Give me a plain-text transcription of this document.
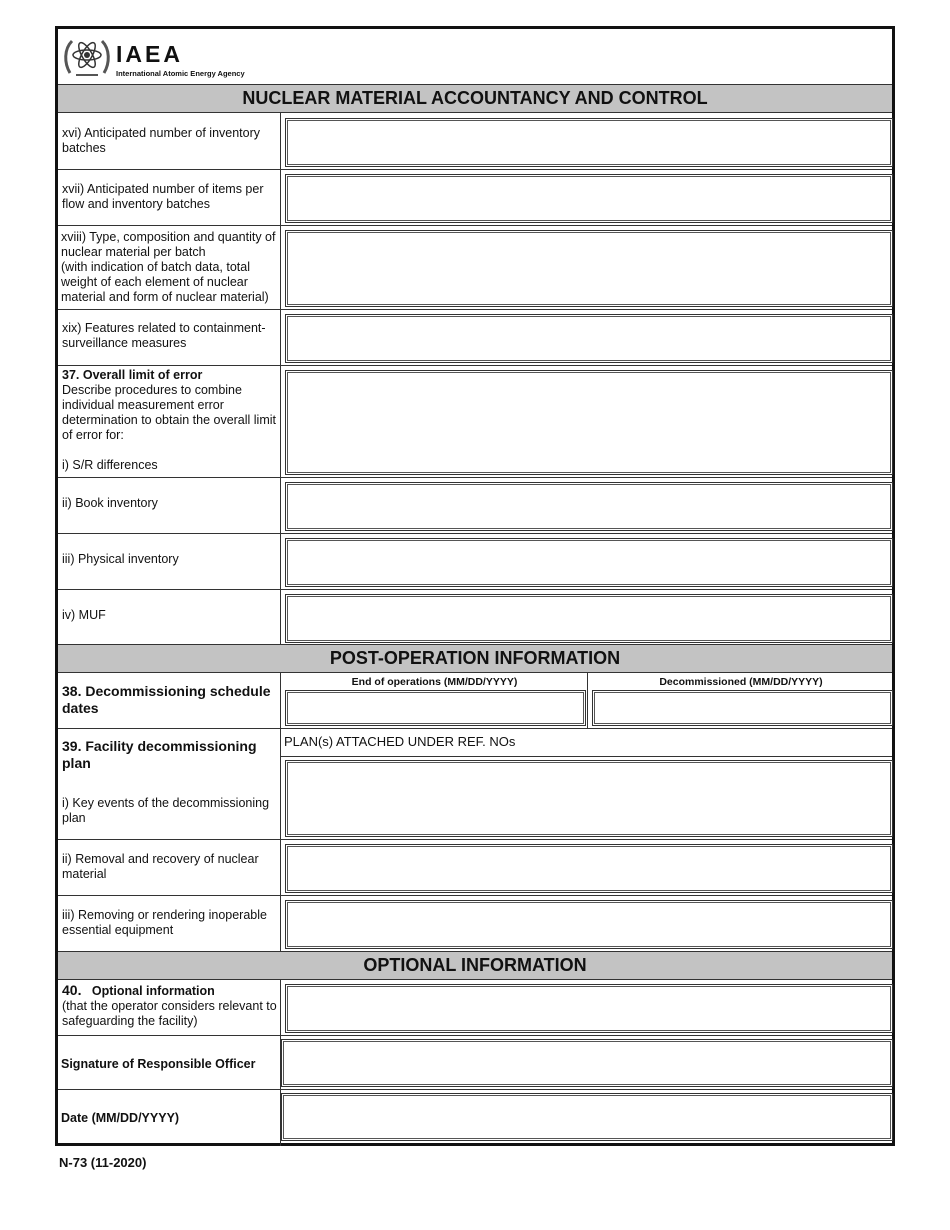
IAEA
International Atomic Energy Agency
NUCLEAR MATERIAL ACCOUNTANCY AND CONTROL
xvi) Anticipated number of inventory batches
xvii) Anticipated number of items per flow and inventory batches
xviii) Type, composition and quantity of nuclear material per batch
(with indication of batch data, total weight of each element of nuclear material and form of nuclear material)
xix) Features related to containment-surveillance measures
37. Overall limit of error
Describe procedures to combine individual measurement error determination to obtain the overall limit of error for:
i) S/R differences
ii) Book inventory
iii) Physical inventory
iv) MUF
POST-OPERATION INFORMATION
38. Decommissioning schedule dates
End of operations (MM/DD/YYYY)	Decommissioned (MM/DD/YYYY)
39. Facility decommissioning plan
i) Key events of the decommissioning plan
PLAN(s) ATTACHED UNDER REF. NOs
ii) Removal and recovery of nuclear material
iii) Removing or rendering inoperable essential equipment
OPTIONAL INFORMATION
40. Optional information
(that the operator considers relevant to safeguarding the facility)
Signature of Responsible Officer
Date (MM/DD/YYYY)
N-73 (11-2020)
